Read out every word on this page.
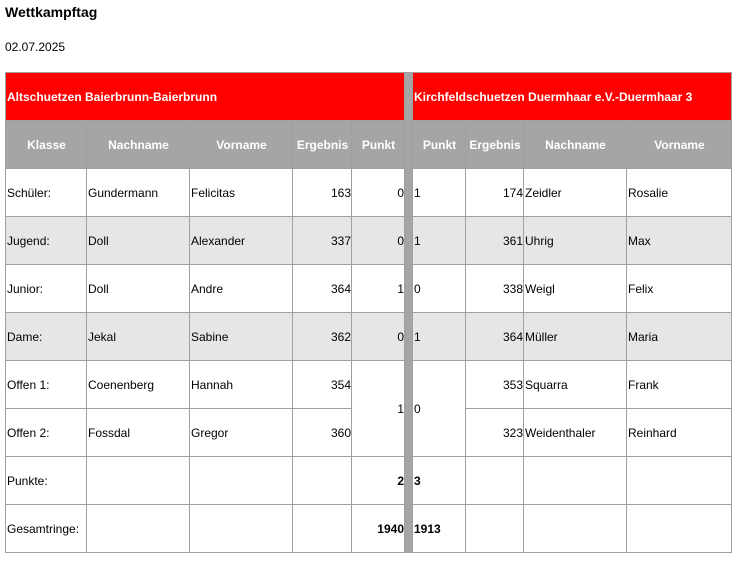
Wettkampftag
02.07.2025
Altschuetzen Baierbrunn-Baierbrunn						Kirchfeldschuetzen Duermhaar e.V.-Duermhaar 3			
Klasse	Nachname	Vorname	Ergebnis	Punkt		Punkt	Ergebnis	Nachname	Vorname
Schüler:	Gundermann	Felicitas	163	0		1	174	Zeidler	Rosalie
Jugend:	Doll	Alexander	337	0		1	361	Uhrig	Max
Junior:	Doll	Andre	364	1		0	338	Weigl	Felix
Dame:	Jekal	Sabine	362	0		1	364	Müller	Maria
Offen 1:	Coenenberg	Hannah	354	1		0	353	Squarra	Frank
Offen 2:	Fossdal	Gregor	360				323	Weidenthaler	Reinhard
Punkte:				2		3			
Gesamtringe:				1940		1913			
